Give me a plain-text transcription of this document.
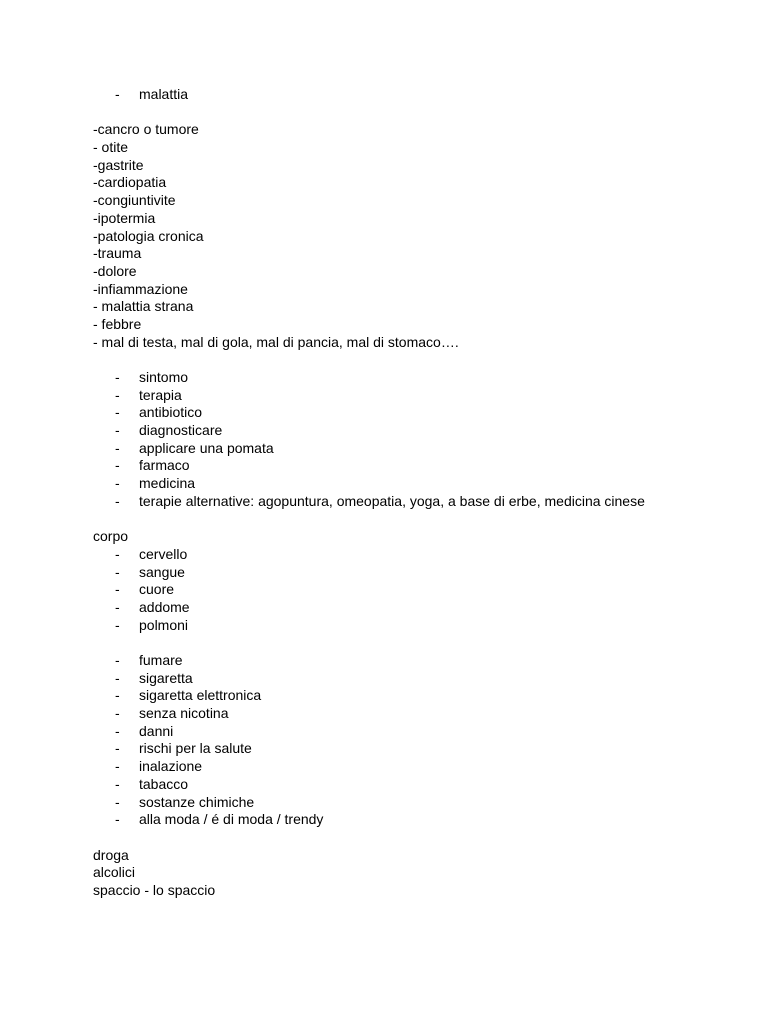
- malattia
-cancro o tumore
- otite
-gastrite
-cardiopatia
-congiuntivite
-ipotermia
-patologia cronica
-trauma
-dolore
-infiammazione
- malattia strana
- febbre
- mal di testa, mal di gola, mal di pancia, mal di stomaco….
- sintomo
- terapia
- antibiotico
- diagnosticare
- applicare una pomata
- farmaco
- medicina
- terapie alternative: agopuntura, omeopatia, yoga, a base di erbe, medicina cinese
corpo
- cervello
- sangue
- cuore
- addome
- polmoni
- fumare
- sigaretta
- sigaretta elettronica
- senza nicotina
- danni
- rischi per la salute
- inalazione
- tabacco
- sostanze chimiche
- alla moda / é di moda / trendy
droga
alcolici
spaccio - lo spaccio
